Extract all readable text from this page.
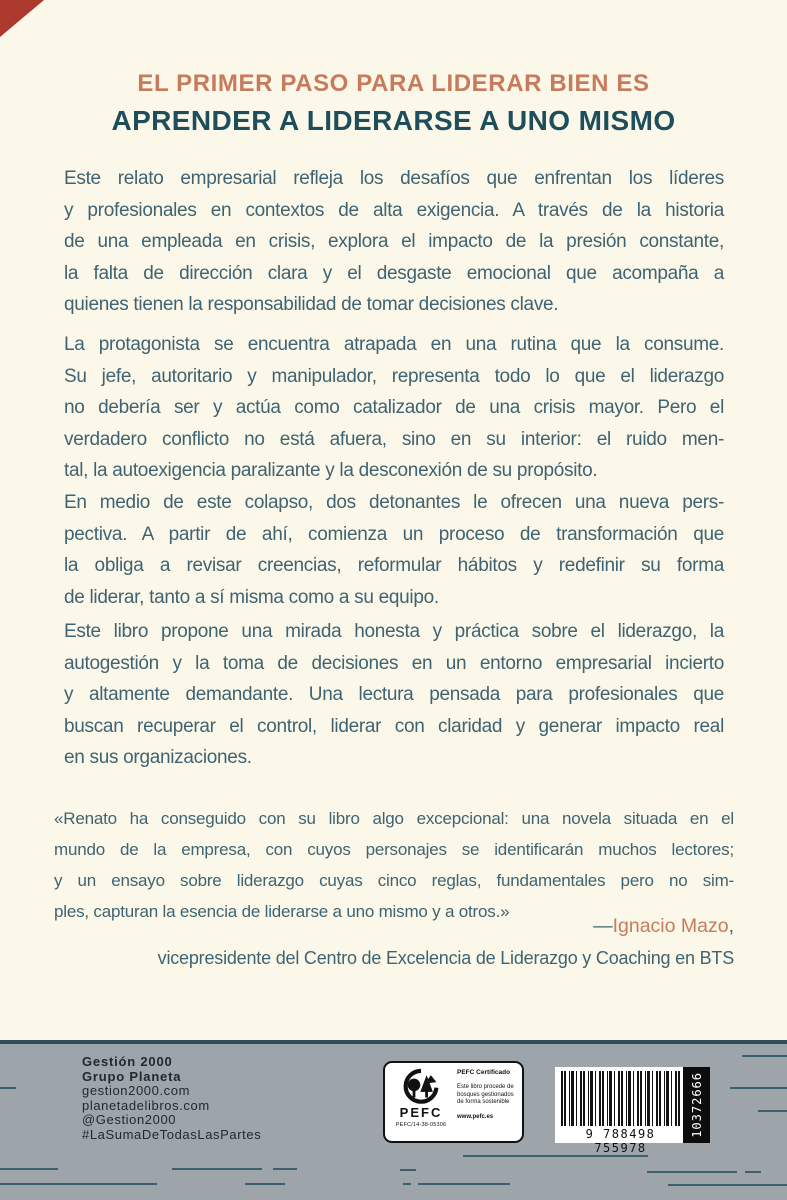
EL PRIMER PASO PARA LIDERAR BIEN ES
APRENDER A LIDERARSE A UNO MISMO
Este relato empresarial refleja los desafíos que enfrentan los líderes
y profesionales en contextos de alta exigencia. A través de la historia
de una empleada en crisis, explora el impacto de la presión constante,
la falta de dirección clara y el desgaste emocional que acompaña a
quienes tienen la responsabilidad de tomar decisiones clave.
La protagonista se encuentra atrapada en una rutina que la consume.
Su jefe, autoritario y manipulador, representa todo lo que el liderazgo
no debería ser y actúa como catalizador de una crisis mayor. Pero el
verdadero conflicto no está afuera, sino en su interior: el ruido men-
tal, la autoexigencia paralizante y la desconexión de su propósito.
En medio de este colapso, dos detonantes le ofrecen una nueva pers-
pectiva. A partir de ahí, comienza un proceso de transformación que
la obliga a revisar creencias, reformular hábitos y redefinir su forma
de liderar, tanto a sí misma como a su equipo.
Este libro propone una mirada honesta y práctica sobre el liderazgo, la
autogestión y la toma de decisiones en un entorno empresarial incierto
y altamente demandante. Una lectura pensada para profesionales que
buscan recuperar el control, liderar con claridad y generar impacto real
en sus organizaciones.
«Renato ha conseguido con su libro algo excepcional: una novela situada en el
mundo de la empresa, con cuyos personajes se identificarán muchos lectores;
y un ensayo sobre liderazgo cuyas cinco reglas, fundamentales pero no sim-
ples, capturan la esencia de liderarse a uno mismo y a otros.»
—Ignacio Mazo,
vicepresidente del Centro de Excelencia de Liderazgo y Coaching en BTS
Gestión 2000
Grupo Planeta
gestion2000.com
planetadelibros.com
@Gestion2000
#LaSumaDeTodasLasPartes
PEFC
PEFC/14-38-05306
PEFC Certificado
Este libro procede de bosques gestionados de forma sostenible
www.pefc.es
9 788498 755978
10372666
